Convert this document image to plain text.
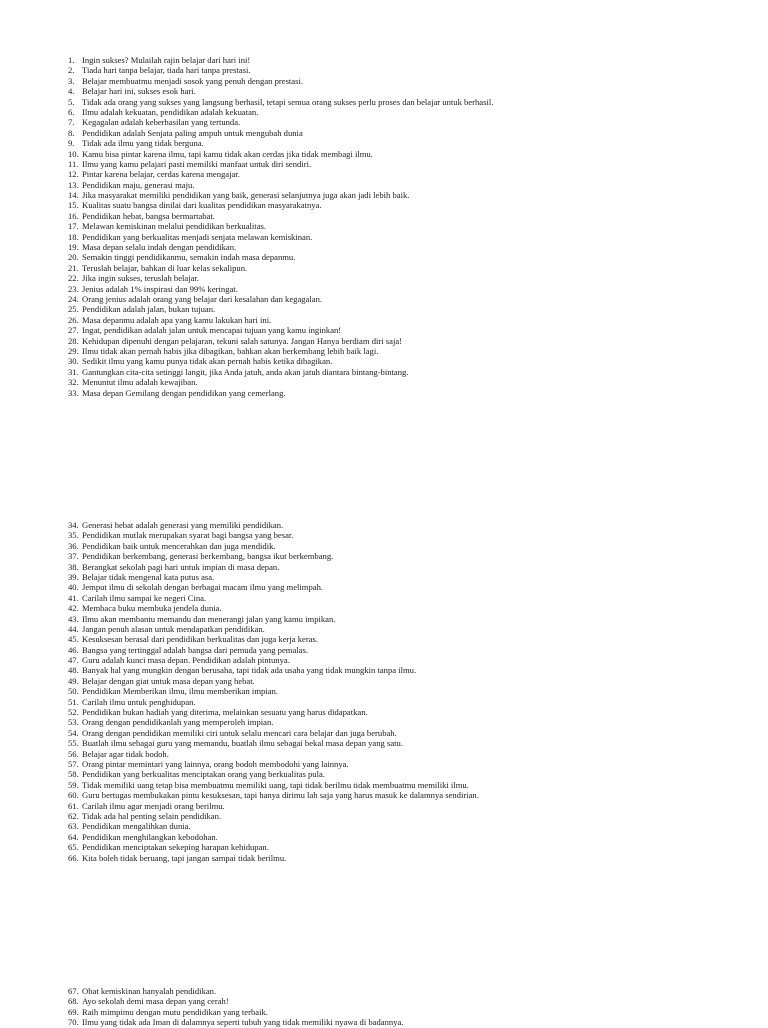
1. Ingin sukses? Mulailah rajin belajar dari hari ini!
2. Tiada hari tanpa belajar, tiada hari tanpa prestasi.
3. Belajar membuatmu menjadi sosok yang penuh dengan prestasi.
4. Belajar hari ini, sukses esok hari.
5. Tidak ada orang yang sukses yang langsung berhasil, tetapi semua orang sukses perlu proses dan belajar untuk berhasil.
6. Ilmu adalah kekuatan, pendidikan adalah kekuatan.
7. Kegagalan adalah keberhasilan yang tertunda.
8. Pendidikan adalah Senjata paling ampuh untuk mengubah dunia
9. Tidak ada ilmu yang tidak berguna.
10. Kamu bisa pintar karena ilmu, tapi kamu tidak akan cerdas jika tidak membagi ilmu.
11. Ilmu yang kamu pelajari pasti memiliki manfaat untuk diri sendiri.
12. Pintar karena belajar, cerdas karena mengajar.
13. Pendidikan maju, generasi maju.
14. Jika masyarakat memiliki pendidikan yang baik, generasi selanjutnya juga akan jadi lebih baik.
15. Kualitas suatu bangsa dinilai dari kualitas pendidikan masyarakatnya.
16. Pendidikan hebat, bangsa bermartabat.
17. Melawan kemiskinan melalui pendidikan berkualitas.
18. Pendidikan yang berkualitas menjadi senjata melawan kemiskinan.
19. Masa depan selalu indah dengan pendidikan.
20. Semakin tinggi pendidikanmu, semakin indah masa depanmu.
21. Teruslah belajar, bahkan di luar kelas sekalipun.
22. Jika ingin sukses, teruslah belajar.
23. Jenius adalah 1% inspirasi dan 99% keringat.
24. Orang jenius adalah orang yang belajar dari kesalahan dan kegagalan.
25. Pendidikan adalah jalan, bukan tujuan.
26. Masa depanmu adalah apa yang kamu lakukan hari ini.
27. Ingat, pendidikan adalah jalan untuk mencapai tujuan yang kamu inginkan!
28. Kehidupan dipenuhi dengan pelajaran, tekuni salah satunya. Jangan Hanya berdiam diri saja!
29. Ilmu tidak akan pernah habis jika dibagikan, bahkan akan berkembang lebih baik lagi.
30. Sedikit ilmu yang kamu punya tidak akan pernah habis ketika dibagikan.
31. Gantungkan cita-cita setinggi langit, jika Anda jatuh, anda akan jatuh diantara bintang-bintang.
32. Menuntut ilmu adalah kewajiban.
33. Masa depan Gemilang dengan pendidikan yang cemerlang.
34. Generasi hebat adalah generasi yang memiliki pendidikan.
35. Pendidikan mutlak merupakan syarat bagi bangsa yang besar.
36. Pendidikan baik untuk mencerahkan dan juga mendidik.
37. Pendidikan berkembang, generasi berkembang, bangsa ikut berkembang.
38. Berangkat sekolah pagi hari untuk impian di masa depan.
39. Belajar tidak mengenal kata putus asa.
40. Jemput ilmu di sekolah dengan berbagai macam ilmu yang melimpah.
41. Carilah ilmu sampai ke negeri Cina.
42. Membaca buku membuka jendela dunia.
43. Ilmu akan membantu memandu dan menerangi jalan yang kamu impikan.
44. Jangan penuh alasan untuk mendapatkan pendidikan.
45. Kesuksesan berasal dari pendidikan berkualitas dan juga kerja keras.
46. Bangsa yang tertinggal adalah bangsa dari pemuda yang pemalas.
47. Guru adalah kunci masa depan. Pendidikan adalah pintunya.
48. Banyak hal yang mungkin dengan berusaha, tapi tidak ada usaha yang tidak mungkin tanpa ilmu.
49. Belajar dengan giat untuk masa depan yang hebat.
50. Pendidikan Memberikan ilmu, ilmu memberikan impian.
51. Carilah ilmu untuk penghidupan.
52. Pendidikan bukan hadiah yang diterima, melainkan sesuatu yang harus didapatkan.
53. Orang dengan pendidikanlah yang memperoleh impian.
54. Orang dengan pendidikan memiliki ciri untuk selalu mencari cara belajar dan juga berubah.
55. Buatlah ilmu sebagai guru yang memandu, buatlah ilmu sebagai bekal masa depan yang satu.
56. Belajar agar tidak bodoh.
57. Orang pintar memintari yang lainnya, orang bodoh membodohi yang lainnya.
58. Pendidikan yang berkualitas menciptakan orang yang berkualitas pula.
59. Tidak memiliki uang tetap bisa membuatmu memiliki uang, tapi tidak berilmu tidak membuatmu memiliki ilmu.
60. Guru bertugas membukakan pintu kesuksesan, tapi hanya dirimu lah saja yang harus masuk ke dalamnya sendirian.
61. Carilah ilmu agar menjadi orang berilmu.
62. Tidak ada hal penting selain pendidikan.
63. Pendidikan mengalihkan dunia.
64. Pendidikan menghilangkan kebodohan.
65. Pendidikan menciptakan sekeping harapan kehidupan.
66. Kita boleh tidak beruang, tapi jangan sampai tidak berilmu.
67. Obat kemiskinan hanyalah pendidikan.
68. Ayo sekolah demi masa depan yang cerah!
69. Raih mimpimu dengan mutu pendidikan yang terbaik.
70. Ilmu yang tidak ada Iman di dalamnya seperti tubuh yang tidak memiliki nyawa di badannya.
